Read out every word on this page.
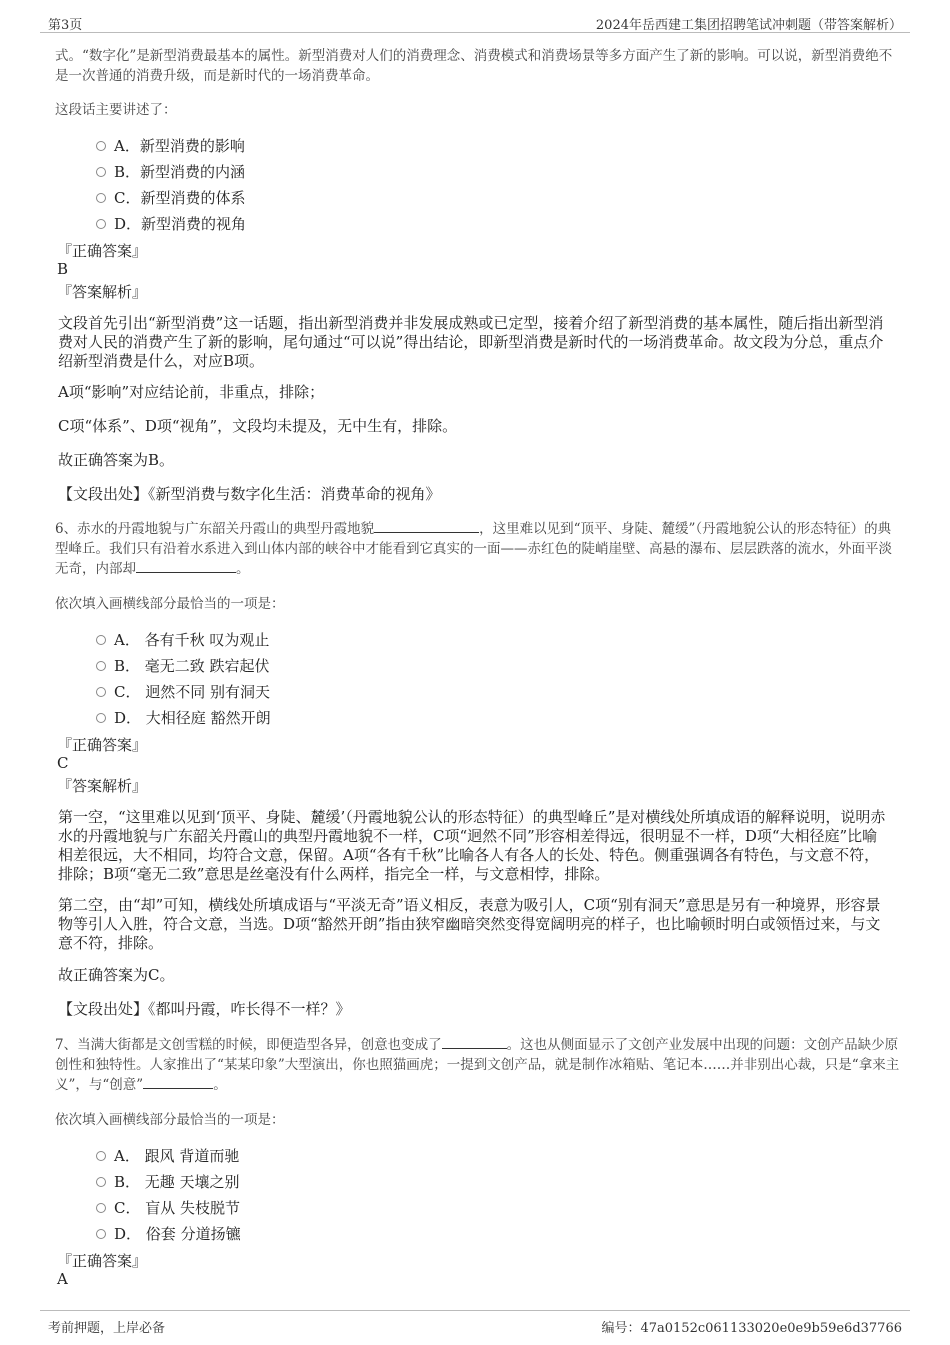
第3页	2024年岳西建工集团招聘笔试冲刺题（带答案解析）
式。“数字化”是新型消费最基本的属性。新型消费对人们的消费理念、消费模式和消费场景等多方面产生了新的影响。可以说，新型消费绝不是一次普通的消费升级，而是新时代的一场消费革命。
这段话主要讲述了：
A．新型消费的影响
B．新型消费的内涵
C．新型消费的体系
D．新型消费的视角
『正确答案』
B
『答案解析』
文段首先引出“新型消费”这一话题，指出新型消费并非发展成熟或已定型，接着介绍了新型消费的基本属性，随后指出新型消费对人民的消费产生了新的影响，尾句通过“可以说”得出结论，即新型消费是新时代的一场消费革命。故文段为分总，重点介绍新型消费是什么，对应B项。
A项“影响”对应结论前，非重点，排除；
C项“体系”、D项“视角”，文段均未提及，无中生有，排除。
故正确答案为B。
【文段出处】《新型消费与数字化生活：消费革命的视角》
6、赤水的丹霞地貌与广东韶关丹霞山的典型丹霞地貌	，这里难以见到“顶平、身陡、麓缓”（丹霞地貌公认的形态特征）的典型峰丘。我们只有沿着水系进入到山体内部的峡谷中才能看到它真实的一面——赤红色的陡峭崖壁、高悬的瀑布、层层跌落的流水，外面平淡无奇，内部却	。
依次填入画横线部分最恰当的一项是：
A． 各有千秋 叹为观止
B． 毫无二致 跌宕起伏
C． 迥然不同 别有洞天
D． 大相径庭 豁然开朗
『正确答案』
C
『答案解析』
第一空，“这里难以见到‘顶平、身陡、麓缓’（丹霞地貌公认的形态特征）的典型峰丘”是对横线处所填成语的解释说明，说明赤水的丹霞地貌与广东韶关丹霞山的典型丹霞地貌不一样，C项“迥然不同”形容相差得远，很明显不一样，D项“大相径庭”比喻相差很远，大不相同，均符合文意，保留。A项“各有千秋”比喻各人有各人的长处、特色。侧重强调各有特色，与文意不符，排除；B项“毫无二致”意思是丝毫没有什么两样，指完全一样，与文意相悖，排除。
第二空，由“却”可知，横线处所填成语与“平淡无奇”语义相反，表意为吸引人，C项“别有洞天”意思是另有一种境界，形容景物等引人入胜，符合文意，当选。D项“豁然开朗”指由狭窄幽暗突然变得宽阔明亮的样子，也比喻顿时明白或领悟过来，与文意不符，排除。
故正确答案为C。
【文段出处】《都叫丹霞，咋长得不一样？》
7、当满大街都是文创雪糕的时候，即便造型各异，创意也变成了	。这也从侧面显示了文创产业发展中出现的问题：文创产品缺少原创性和独特性。人家推出了“某某印象”大型演出，你也照猫画虎；一提到文创产品，就是制作冰箱贴、笔记本……并非别出心裁，只是“拿来主义”，与“创意”	。
依次填入画横线部分最恰当的一项是：
A． 跟风 背道而驰
B． 无趣 天壤之别
C． 盲从 失枝脱节
D． 俗套 分道扬镳
『正确答案』
A
考前押题，上岸必备	编号：47a0152c061133020e0e9b59e6d37766
